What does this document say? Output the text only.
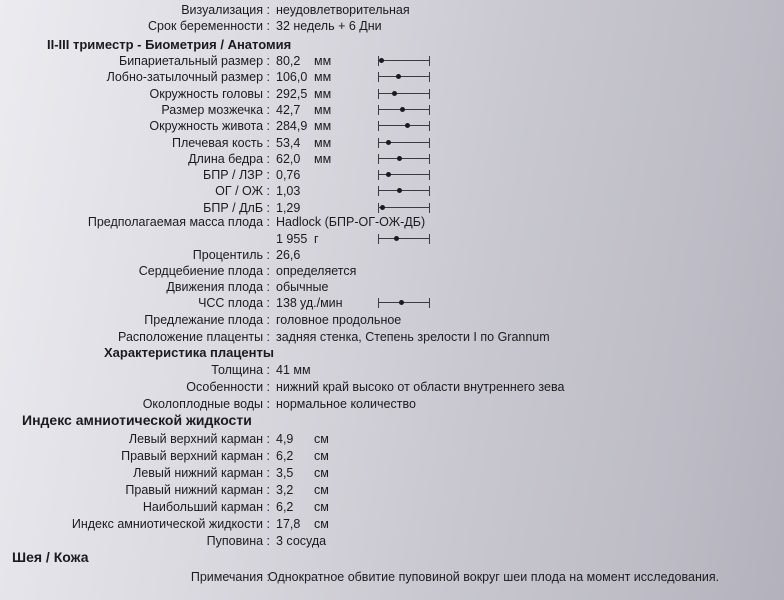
Визуализация : неудовлетворительная
Срок беременности : 32 недель + 6 Дни
II-III триместр - Биометрия / Анатомия
Бипариетальный размер : 80,2 мм
Лобно-затылочный размер : 106,0 мм
Окружность головы : 292,5 мм
Размер мозжечка : 42,7 мм
Окружность живота : 284,9 мм
Плечевая кость : 53,4 мм
Длина бедра : 62,0 мм
БПР / ЛЗР : 0,76
ОГ / ОЖ : 1,03
БПР / ДлБ : 1,29
Предполагаемая масса плода : Hadlock (БПР-ОГ-ОЖ-ДБ)
1 955 г
Процентиль : 26,6
Сердцебиение плода : определяется
Движения плода : обычные
ЧСС плода : 138 уд./мин
Предлежание плода : головное продольное
Расположение плаценты : задняя стенка, Степень зрелости I по Grannum
Характеристика плаценты
Толщина : 41 мм
Особенности : нижний край высоко от области внутреннего зева
Околоплодные воды : нормальное количество
Индекс амниотической жидкости
Левый верхний карман : 4,9 см
Правый верхний карман : 6,2 см
Левый нижний карман : 3,5 см
Правый нижний карман : 3,2 см
Наибольший карман : 6,2 см
Индекс амниотической жидкости : 17,8 см
Пуповина : 3 сосуда
Шея / Кожа
Примечания :
Однократное обвитие пуповиной вокруг шеи плода на момент исследования.
